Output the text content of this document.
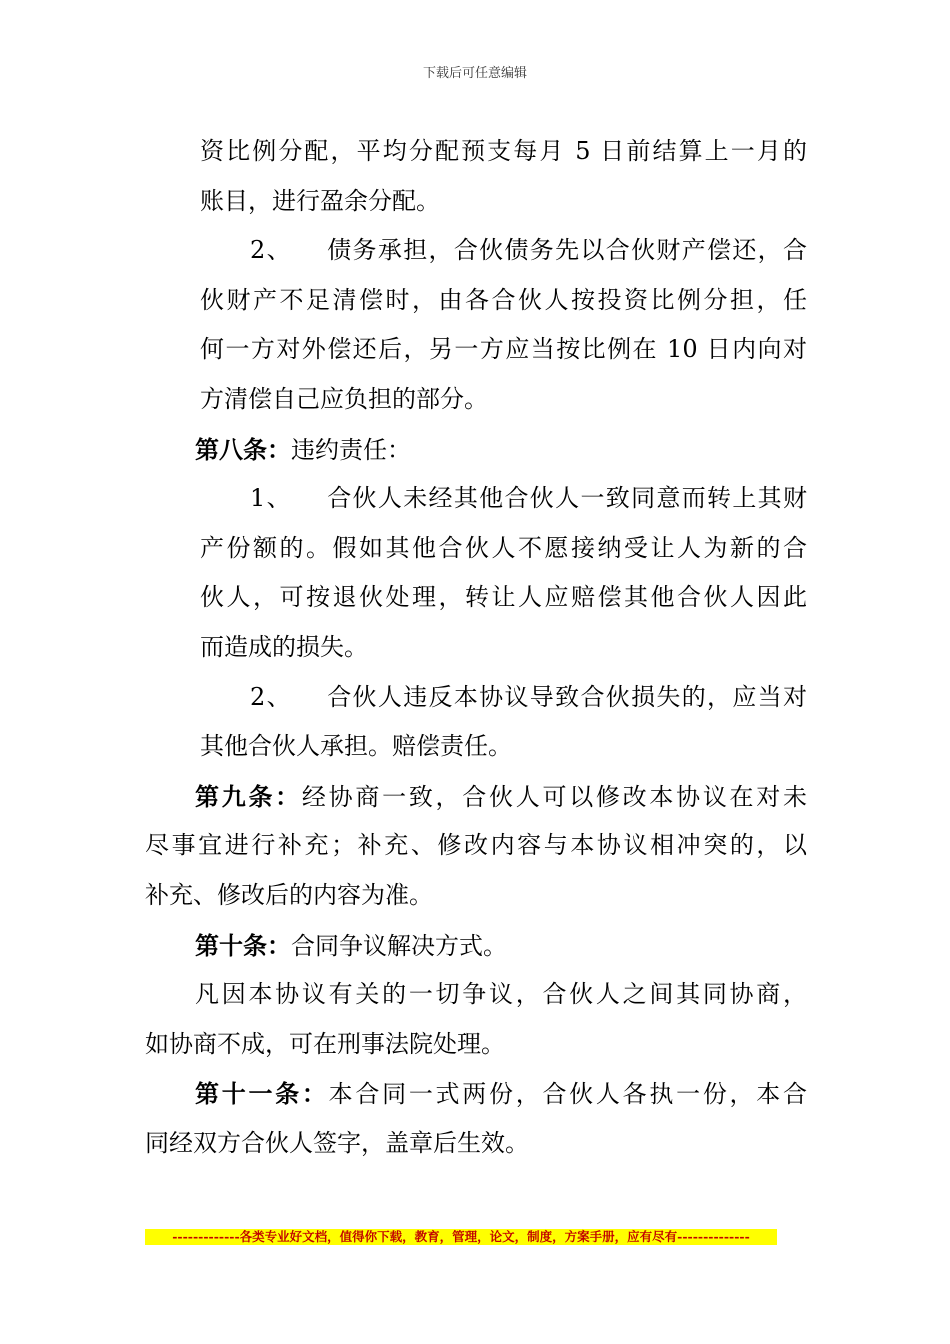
下载后可任意编辑
资比例分配，平均分配预支每月 5 日前结算上一月的
账目，进行盈余分配。
2、 债务承担，合伙债务先以合伙财产偿还，合
伙财产不足清偿时，由各合伙人按投资比例分担，任
何一方对外偿还后，另一方应当按比例在 10 日内向对
方清偿自己应负担的部分。
第八条：违约责任：
1、 合伙人未经其他合伙人一致同意而转上其财
产份额的。假如其他合伙人不愿接纳受让人为新的合
伙人，可按退伙处理，转让人应赔偿其他合伙人因此
而造成的损失。
2、 合伙人违反本协议导致合伙损失的，应当对
其他合伙人承担。赔偿责任。
第九条：经协商一致，合伙人可以修改本协议在对未
尽事宜进行补充；补充、修改内容与本协议相冲突的，以
补充、修改后的内容为准。
第十条：合同争议解决方式。
凡因本协议有关的一切争议，合伙人之间其同协商，
如协商不成，可在刑事法院处理。
第十一条：本合同一式两份，合伙人各执一份，本合
同经双方合伙人签字，盖章后生效。
-------------各类专业好文档，值得你下载，教育，管理，论文，制度，方案手册，应有尽有--------------
